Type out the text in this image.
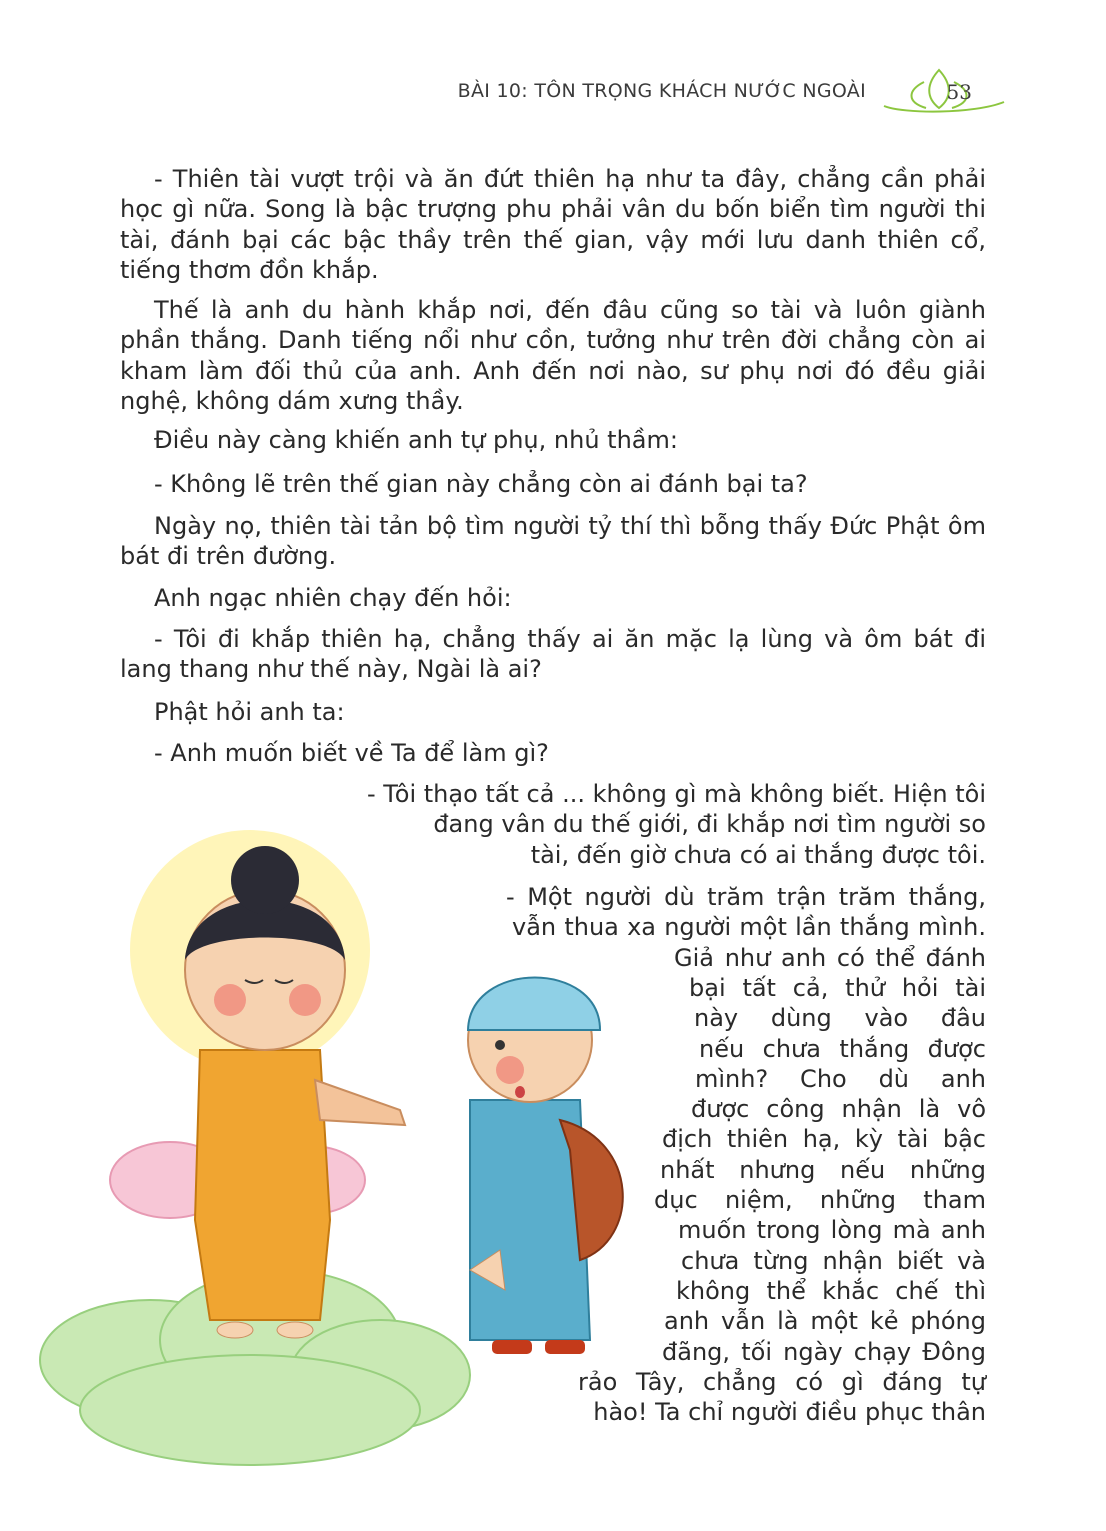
BÀI 10: TÔN TRỌNG KHÁCH NƯỚC NGOÀI	53

- Thiên tài vượt trội và ăn đứt thiên hạ như ta đây, chẳng cần phải học gì nữa. Song là bậc trượng phu phải vân du bốn biển tìm người thi tài, đánh bại các bậc thầy trên thế gian, vậy mới lưu danh thiên cổ, tiếng thơm đồn khắp.

Thế là anh du hành khắp nơi, đến đâu cũng so tài và luôn giành phần thắng. Danh tiếng nổi như cồn, tưởng như trên đời chẳng còn ai kham làm đối thủ của anh. Anh đến nơi nào, sư phụ nơi đó đều giải nghệ, không dám xưng thầy.

Điều này càng khiến anh tự phụ, nhủ thầm:

- Không lẽ trên thế gian này chẳng còn ai đánh bại ta?

Ngày nọ, thiên tài tản bộ tìm người tỷ thí thì bỗng thấy Đức Phật ôm bát đi trên đường.

Anh ngạc nhiên chạy đến hỏi:

- Tôi đi khắp thiên hạ, chẳng thấy ai ăn mặc lạ lùng và ôm bát đi lang thang như thế này, Ngài là ai?

Phật hỏi anh ta:

- Anh muốn biết về Ta để làm gì?

- Tôi thạo tất cả ... không gì mà không biết. Hiện tôi
đang vân du thế giới, đi khắp nơi tìm người so
tài, đến giờ chưa có ai thắng được tôi.
- Một người dù trăm trận trăm thắng,
vẫn thua xa người một lần thắng mình.
Giả như anh có thể đánh
bại tất cả, thử hỏi tài
này dùng vào đâu
nếu chưa thắng được
mình? Cho dù anh
được công nhận là vô
địch thiên hạ, kỳ tài bậc
nhất nhưng nếu những
dục niệm, những tham
muốn trong lòng mà anh
chưa từng nhận biết và
không thể khắc chế thì
anh vẫn là một kẻ phóng
đãng, tối ngày chạy Đông
rảo Tây, chẳng có gì đáng tự
hào! Ta chỉ người điều phục thân
